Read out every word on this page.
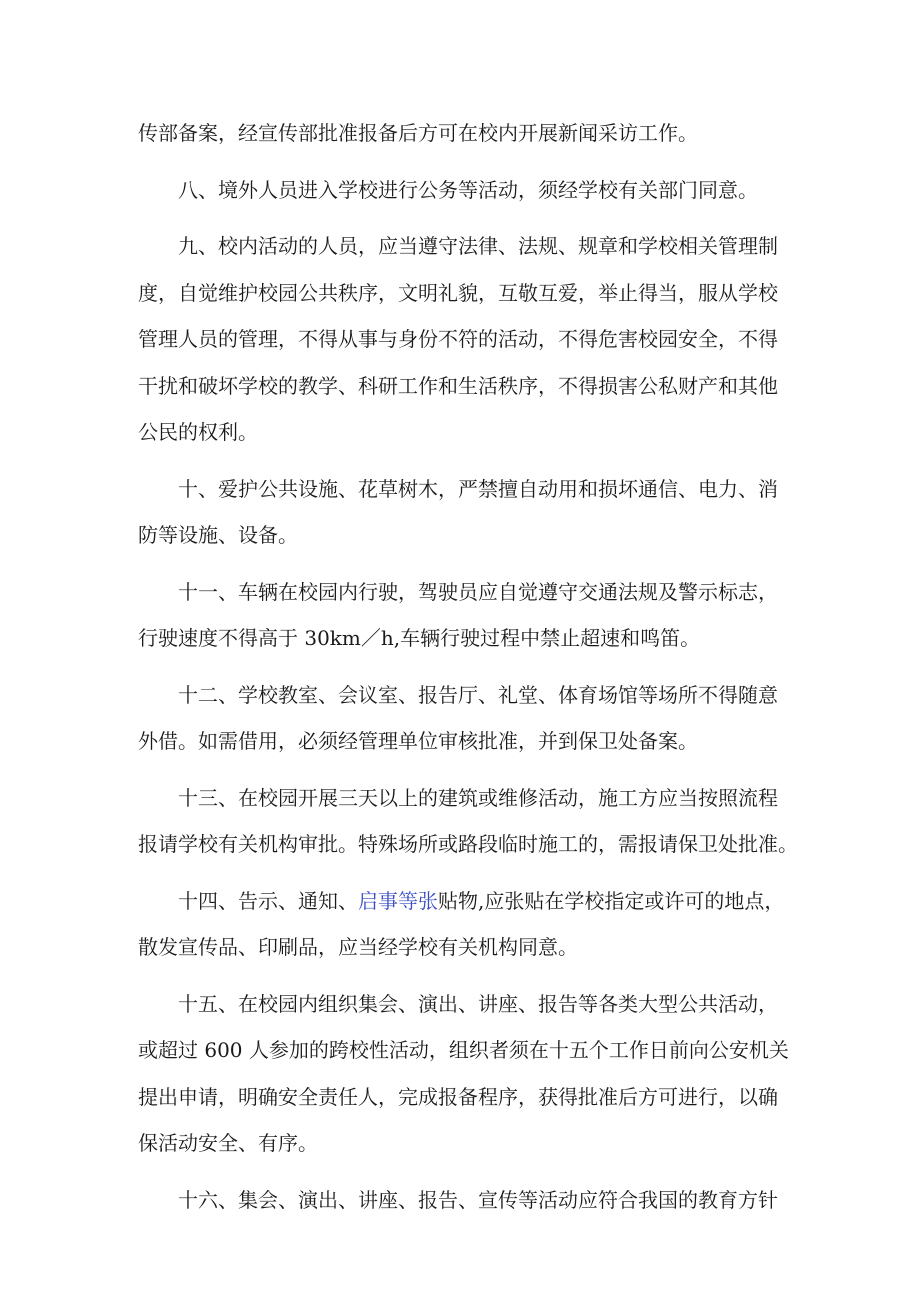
传部备案，经宣传部批准报备后方可在校内开展新闻采访工作。
八、境外人员进入学校进行公务等活动，须经学校有关部门同意。
九、校内活动的人员，应当遵守法律、法规、规章和学校相关管理制
度，自觉维护校园公共秩序，文明礼貌，互敬互爱，举止得当，服从学校
管理人员的管理，不得从事与身份不符的活动，不得危害校园安全，不得
干扰和破坏学校的教学、科研工作和生活秩序，不得损害公私财产和其他
公民的权利。
十、爱护公共设施、花草树木，严禁擅自动用和损坏通信、电力、消
防等设施、设备。
十一、车辆在校园内行驶，驾驶员应自觉遵守交通法规及警示标志，
行驶速度不得高于 30km／h,车辆行驶过程中禁止超速和鸣笛。
十二、学校教室、会议室、报告厅、礼堂、体育场馆等场所不得随意
外借。如需借用，必须经管理单位审核批准，并到保卫处备案。
十三、在校园开展三天以上的建筑或维修活动，施工方应当按照流程
报请学校有关机构审批。特殊场所或路段临时施工的，需报请保卫处批准。
十四、告示、通知、启事等张贴物,应张贴在学校指定或许可的地点，
散发宣传品、印刷品，应当经学校有关机构同意。
十五、在校园内组织集会、演出、讲座、报告等各类大型公共活动，
或超过 600 人参加的跨校性活动，组织者须在十五个工作日前向公安机关
提出申请，明确安全责任人，完成报备程序，获得批准后方可进行，以确
保活动安全、有序。
十六、集会、演出、讲座、报告、宣传等活动应符合我国的教育方针
